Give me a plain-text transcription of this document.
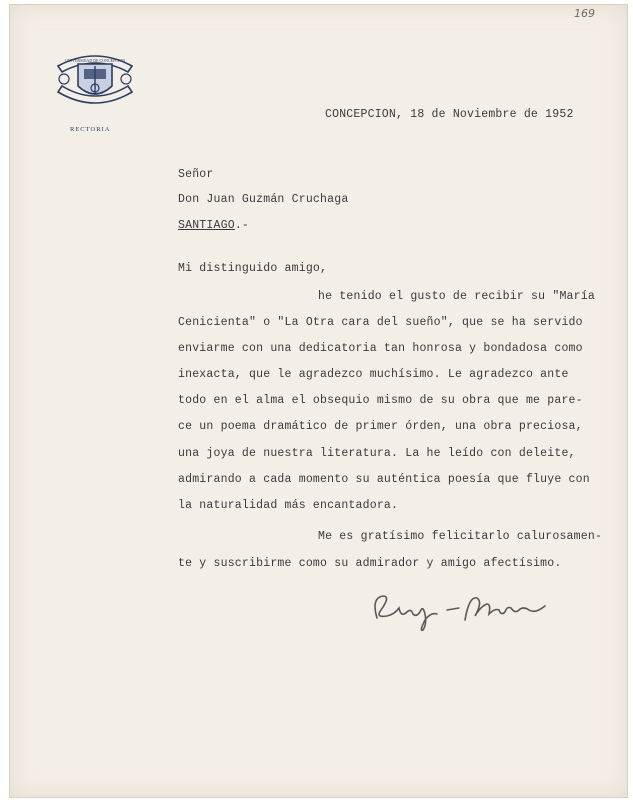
169
UNIVERSIDAD DE CONCEPCION
RECTORIA
CONCEPCION, 18 de Noviembre de 1952
Señor
Don Juan Guzmán Cruchaga
SANTIAGO.-
Mi distinguido amigo,
he tenido el gusto de recibir su "María
Cenicienta" o "La Otra cara del sueño", que se ha servido
enviarme con una dedicatoria tan honrosa y bondadosa como
inexacta, que le agradezco muchísimo. Le agradezco ante
todo en el alma el obsequio mismo de su obra que me pare-
ce un poema dramático de primer órden, una obra preciosa,
una joya de nuestra literatura. La he leído con deleite,
admirando a cada momento su auténtica poesía que fluye con
la naturalidad más encantadora.
Me es gratísimo felicitarlo calurosamen-
te y suscribirme como su admirador y amigo afectísimo.
